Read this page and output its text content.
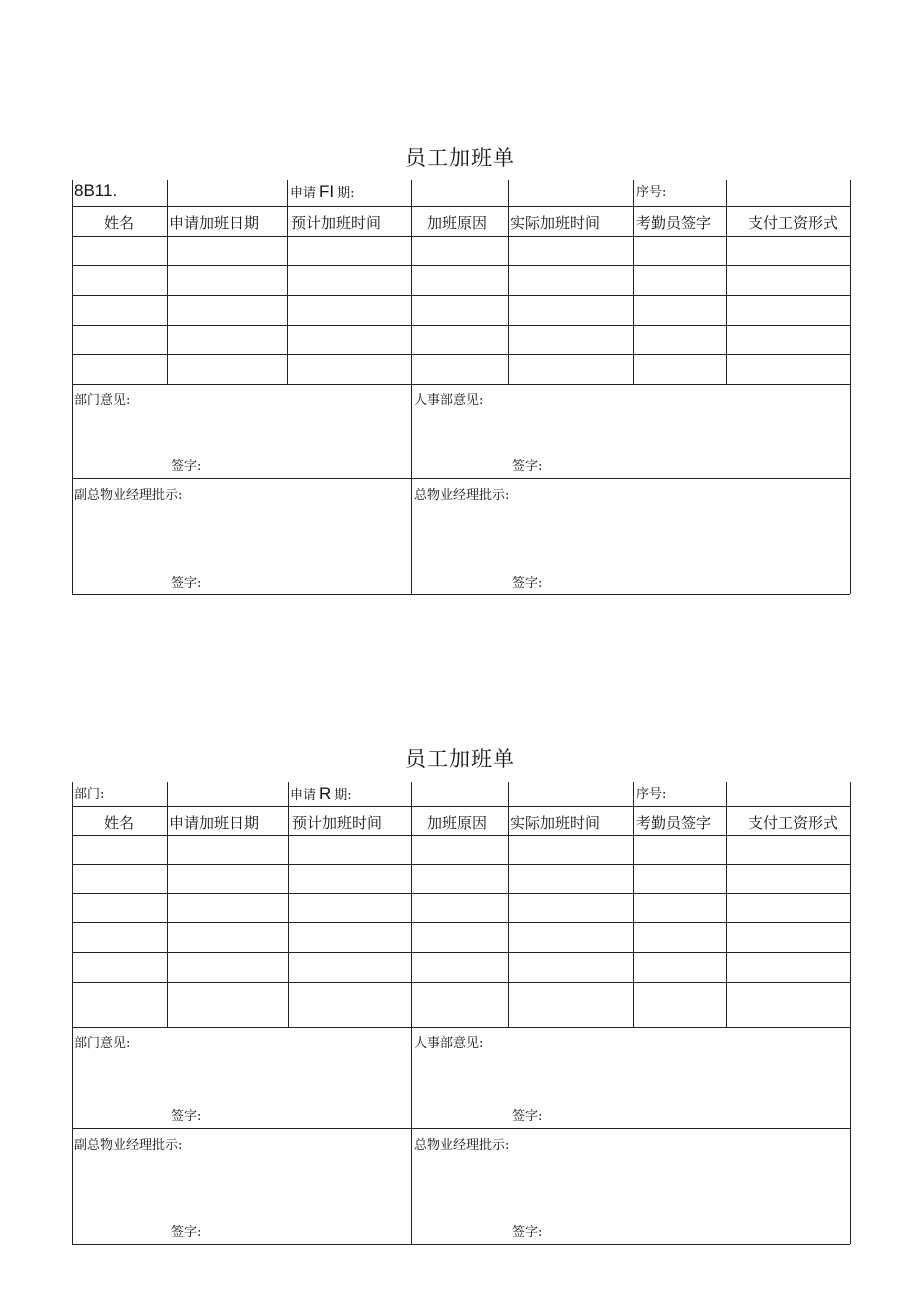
员工加班单
8B11.	申请 FI 期:	序号:
姓名 申请加班日期 预计加班时间	加班原因 实际加班时间 考勤员签字 支付工资形式
部门意见:	人事部意见:
签字:	签字:
副总物业经理批示:	总物业经理批示:
签字:	签字:
员工加班单
部门:	申请 R 期:	序号:
姓名 申请加班日期 预计加班时间	加班原因 实际加班时间 考勤员签字 支付工资形式
部门意见:	人事部意见:
签字:	签字:
副总物业经理批示:	总物业经理批示:
签字:	签字:
